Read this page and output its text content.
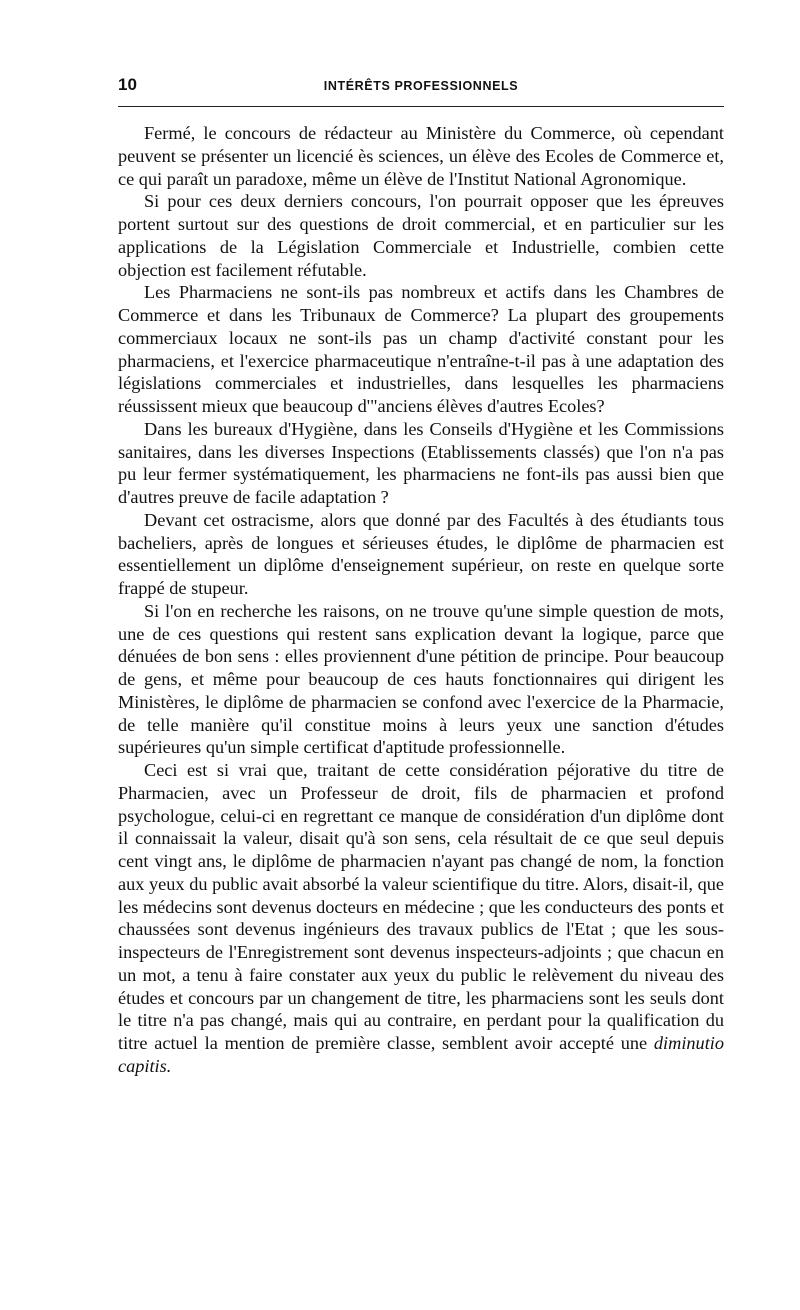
10	INTÉRÊTS PROFESSIONNELS

Fermé, le concours de rédacteur au Ministère du Commerce, où cependant peuvent se présenter un licencié ès sciences, un élève des Ecoles de Commerce et, ce qui paraît un paradoxe, même un élève de l'Institut National Agronomique.

Si pour ces deux derniers concours, l'on pourrait opposer que les épreuves portent surtout sur des questions de droit commercial, et en particulier sur les applications de la Législation Commerciale et Industrielle, combien cette objection est facilement réfutable.

Les Pharmaciens ne sont-ils pas nombreux et actifs dans les Chambres de Commerce et dans les Tribunaux de Commerce? La plupart des groupements commerciaux locaux ne sont-ils pas un champ d'activité constant pour les pharmaciens, et l'exercice pharmaceutique n'entraîne-t-il pas à une adaptation des législations commerciales et industrielles, dans lesquelles les pharmaciens réussissent mieux que beaucoup d'"anciens élèves d'autres Ecoles?

Dans les bureaux d'Hygiène, dans les Conseils d'Hygiène et les Commissions sanitaires, dans les diverses Inspections (Etablissements classés) que l'on n'a pas pu leur fermer systématiquement, les pharmaciens ne font-ils pas aussi bien que d'autres preuve de facile adaptation ?

Devant cet ostracisme, alors que donné par des Facultés à des étudiants tous bacheliers, après de longues et sérieuses études, le diplôme de pharmacien est essentiellement un diplôme d'enseignement supérieur, on reste en quelque sorte frappé de stupeur.

Si l'on en recherche les raisons, on ne trouve qu'une simple question de mots, une de ces questions qui restent sans explication devant la logique, parce que dénuées de bon sens : elles proviennent d'une pétition de principe. Pour beaucoup de gens, et même pour beaucoup de ces hauts fonctionnaires qui dirigent les Ministères, le diplôme de pharmacien se confond avec l'exercice de la Pharmacie, de telle manière qu'il constitue moins à leurs yeux une sanction d'études supérieures qu'un simple certificat d'aptitude professionnelle.

Ceci est si vrai que, traitant de cette considération péjorative du titre de Pharmacien, avec un Professeur de droit, fils de pharmacien et profond psychologue, celui-ci en regrettant ce manque de considération d'un diplôme dont il connaissait la valeur, disait qu'à son sens, cela résultait de ce que seul depuis cent vingt ans, le diplôme de pharmacien n'ayant pas changé de nom, la fonction aux yeux du public avait absorbé la valeur scientifique du titre. Alors, disait-il, que les médecins sont devenus docteurs en médecine ; que les conducteurs des ponts et chaussées sont devenus ingénieurs des travaux publics de l'Etat ; que les sous-inspecteurs de l'Enregistrement sont devenus inspecteurs-adjoints ; que chacun en un mot, a tenu à faire constater aux yeux du public le relèvement du niveau des études et concours par un changement de titre, les pharmaciens sont les seuls dont le titre n'a pas changé, mais qui au contraire, en perdant pour la qualification du titre actuel la mention de première classe, semblent avoir accepté une diminutio capitis.
